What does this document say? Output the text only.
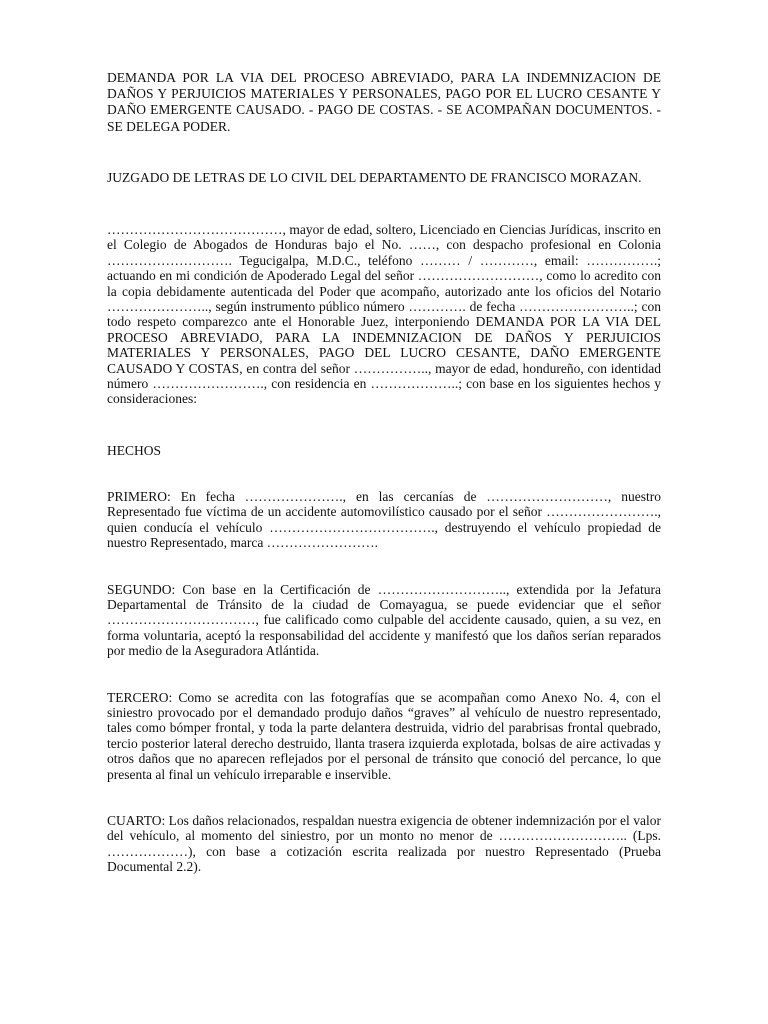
DEMANDA POR LA VIA DEL PROCESO ABREVIADO, PARA LA INDEMNIZACION DE DAÑOS Y PERJUICIOS MATERIALES Y PERSONALES, PAGO POR EL LUCRO CESANTE Y DAÑO EMERGENTE CAUSADO. - PAGO DE COSTAS. - SE ACOMPAÑAN DOCUMENTOS. - SE DELEGA PODER.

JUZGADO DE LETRAS DE LO CIVIL DEL DEPARTAMENTO DE FRANCISCO MORAZAN.

…………………………………, mayor de edad, soltero, Licenciado en Ciencias Jurídicas, inscrito en el Colegio de Abogados de Honduras bajo el No. ……, con despacho profesional en Colonia ………………………. Tegucigalpa, M.D.C., teléfono ……… / …………, email: …………….; actuando en mi condición de Apoderado Legal del señor ………………………, como lo acredito con la copia debidamente autenticada del Poder que acompaño, autorizado ante los oficios del Notario ………………….., según instrumento público número …………. de fecha ……………………..; con todo respeto comparezco ante el Honorable Juez, interponiendo DEMANDA POR LA VIA DEL PROCESO ABREVIADO, PARA LA INDEMNIZACION DE DAÑOS Y PERJUICIOS MATERIALES Y PERSONALES, PAGO DEL LUCRO CESANTE, DAÑO EMERGENTE CAUSADO Y COSTAS, en contra del señor …………….., mayor de edad, hondureño, con identidad número ……………………., con residencia en ………………..; con base en los siguientes hechos y consideraciones:

HECHOS

PRIMERO: En fecha …………………., en las cercanías de ………………………, nuestro Representado fue víctima de un accidente automovilístico causado por el señor ……………………., quien conducía el vehículo ………………………………., destruyendo el vehículo propiedad de nuestro Representado, marca …………………….

SEGUNDO: Con base en la Certificación de ……………………….., extendida por la Jefatura Departamental de Tránsito de la ciudad de Comayagua, se puede evidenciar que el señor ……………………………, fue calificado como culpable del accidente causado, quien, a su vez, en forma voluntaria, aceptó la responsabilidad del accidente y manifestó que los daños serían reparados por medio de la Aseguradora Atlántida.

TERCERO: Como se acredita con las fotografías que se acompañan como Anexo No. 4, con el siniestro provocado por el demandado produjo daños “graves” al vehículo de nuestro representado, tales como bómper frontal, y toda la parte delantera destruida, vidrio del parabrisas frontal quebrado, tercio posterior lateral derecho destruido, llanta trasera izquierda explotada, bolsas de aire activadas y otros daños que no aparecen reflejados por el personal de tránsito que conoció del percance, lo que presenta al final un vehículo irreparable e inservible.

CUARTO: Los daños relacionados, respaldan nuestra exigencia de obtener indemnización por el valor del vehículo, al momento del siniestro, por un monto no menor de ……………………….. (Lps. ………………), con base a cotización escrita realizada por nuestro Representado (Prueba Documental 2.2).
